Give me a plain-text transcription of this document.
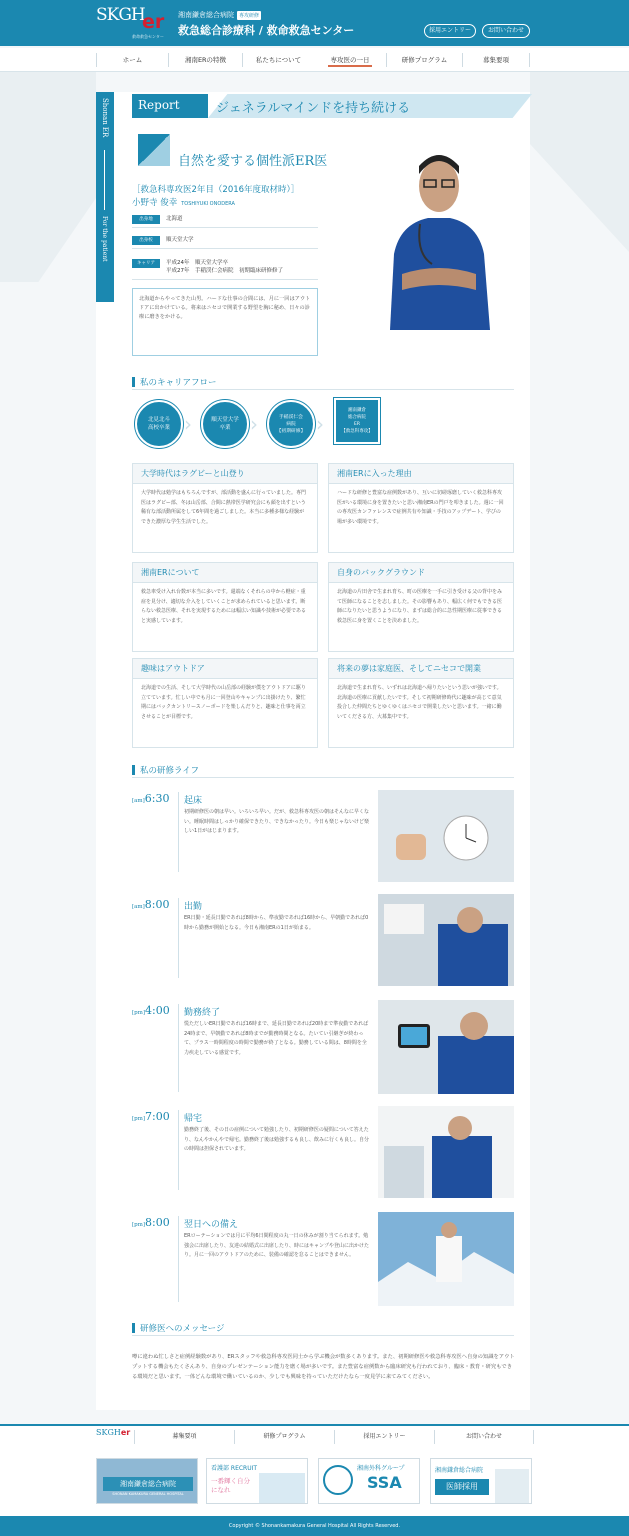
SKGH
er
救命救急センター
湘南鎌倉総合病院 専攻研修
救急総合診療科 / 救命救急センター	採用エントリー	お問い合わせ
ホーム	湘南ERの特徴	私たちについて	専攻医の一日	研修プログラム	募集要項
Shonan ER
For the patient
Report	ジェネラルマインドを持ち続ける
自然を愛する個性派ER医
［救急科専攻医2年目（2016年度取材時）］
小野寺 俊幸 TOSHIYUKI ONODERA
出身地	北海道
出身校	順天堂大学
キャリア	平成24年　順天堂大学卒
平成27年　手稲渓仁会病院　初期臨床研修修了
北海道からやってきた山男。ハードな仕事の合間には、月に一回はアウトドアに出かけている。将来はニセコで開業する野望を胸に秘め、日々の診療に磨きをかける。
私のキャリアフロー
北見北斗
高校卒業 ›	順天堂大学
卒業 ›	手稲渓仁会
病院
【初期研修】 ›
湘南鎌倉
総合病院
ER
【救急科専攻】
大学時代はラグビーと山登り
大学時代は勉学はもちろんですが、部活動を盛んに行っていました。専門医はラグビー部、冬は山岳部、合間に熱帯医学研究会にも顔を出すという稀有な部活動所属をして6年間を過ごしました。本当に多種多様な経験ができた濃厚な学生生活でした。
湘南ERに入った理由
ハードな研修と豊富な症例数があり、互いに切磋琢磨していく救急科専攻医がいる環境に身を置きたいと思い湘南ERの門戸を叩きました。週に一回の専攻医カンファレンスで症例共有や知識・手技のアップデート、学びの場が多い環境です。
湘南ERについて
救急車受け入れ台数が本当に多いです。還端なくそれらの中から軽症・重症を見分け、適切な介入をしていくことが求められていると思います。断らない救急医療、それを実現するためには幅広い知識や技術が必要であると実感しています。
自身のバックグラウンド
北海道の片田舎で生まれ育ち、町の医療を一手に引き受ける父の背中をみて医師になることを志しました。その影響もあり、幅広く何でもできる医師になりたいと思うようになり、まずは総合的に急性期医療に従事できる救急医に身を置くことを決めました。
趣味はアウトドア
北海道での生活、そして大学時代の山岳部の経験が僕をアウトドアに駆り立てています。忙しい中でも月に一回登山やキャンプに出掛けたり、繁忙期にはバックカントリースノーボードを楽しんだりと、趣味と仕事を両立させることが目標です。
将来の夢は家庭医、そしてニセコで開業
北海道で生まれ育ち、いずれは北海道へ帰りたいという思いが強いです。北海道の医療に貢献したいです。そして初期研修時代に趣味が高じて意気投合した仲間たちとゆくゆくはニセコで開業したいと思います。一緒に働いてくださる方、大募集中です。
私の研修ライフ
[am]6:30 起床
初期研修医の朝は早い。いろいろ早い。だが、救急科専攻医の朝はそんなに早くない。睡眠時間はしっかり確保できたり、できなかったり。今日も楽じゃないけど楽しい1日がはじまります。
[am]8:00 出勤
ER日勤・延長日勤であれば8時から、準夜勤であれば16時から、早朝勤であれば0時から勤務が開始となる。今日も湘南ERの1日が始まる。
[pm]4:00 勤務終了
慌ただしいER日勤であれば16時まで、延長日勤であれば20時まで準夜勤であれば24時まで、早朝勤であれば8時までが勤務時間となる。たいてい引継ぎが終わって、プラス一時間程度の時間で勤務が終了となる。勤務している間は、8時間を全力疾走している感覚です。
[pm]7:00 帰宅
勤務終了後、その日の症例について勉強したり、初期研修医の疑問について答えたり、なんやかんやで帰宅。勤務終了後は勉強するも良し、飲みに行くも良し。自分の時間は担保されています。
[pm]8:00 翌日への備え
ERローテーションでは月に平均6日間程度の丸一日の休みが割り当てられます。勉強会に出席したり、友達の結婚式に出席したり、時にはキャンプや登山に出かけたり。月に一回のアウトドアのために、装備の確認を怠ることはできません。
研修医へのメッセージ
噂に違わぬ忙しさと症例経験数があり、ERスタッフや救急科専攻医同士から学ぶ機会が数多くあります。また、初期研修医や救急科専攻医へ自身の知識をアウトプットする機会もたくさんあり、自身のプレゼンテーション能力を磨く場が多いです。また豊富な症例数から臨床研究も行われており、臨床・教育・研究もできる環境だと思います。一体どんな環境で働いているのか、少しでも興味を持っていただけたなら一度見学に来てみてください。
SKGHer	募集要項	研修プログラム	採用エントリー	お問い合わせ
湘南鎌倉総合病院
SHONAN KAMAKURA GENERAL HOSPITAL
看護部 RECRUIT
一番輝く自分になれ
湘南外科グループ
SSA
湘南鎌倉総合病院
医師採用
Copyright © Shonankamakura General Hospital All Rights Reserved.
